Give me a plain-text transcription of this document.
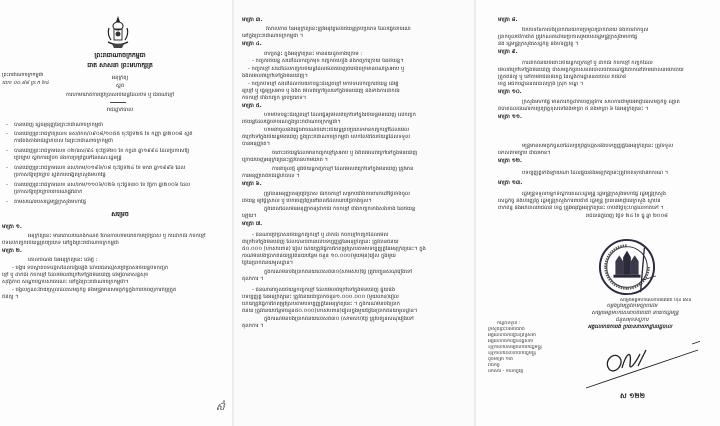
ព្រះរាជាណាចក្រកម្ពុជា
លេខ ០០.៨៨ ប្រ.ក ២៤
ព្រះរាជាណាចក្រកម្ពុជា
ជាតិ សាសនា ព្រះមហាក្សត្រ
អនុក្រឹត្យ
ស្តីពី
ការហាមឃាត់ការប្រើប្រាស់រថយន្តដែលបិទ ឬ ជ័រពណ៌ខ្មៅ
រាជរដ្ឋាភិបាល
- បានឃើញ រដ្ឋធម្មនុញ្ញនៃព្រះរាជាណាចក្រកម្ពុជា
- បានឃើញព្រះរាជក្រឹត្យលេខ នស/រកត/០៩០៨/១០៥៥ ចុះថ្ងៃទី២៥ ខែ កញ្ញា ឆ្នាំ២០០៨ ស្តីពី
ការតែងតាំងរាជរដ្ឋាភិបាល នៃព្រះរាជាណាចក្រកម្ពុជា
- បានឃើញព្រះរាជក្រមលេខ ០២/នស/៩៤ ចុះថ្ងៃទី២០ ខែ កក្កដា ឆ្នាំ១៩៩៤ ដែលប្រកាសឱ្យ
ប្រើច្បាប់ ស្តីពីការរៀបចំ និងការប្រព្រឹត្តទៅនៃគណៈរដ្ឋមន្ត្រី
- បានឃើញព្រះរាជក្រមលេខ នស/រកម/០១៩៦/០៨ ចុះថ្ងៃទី២៤ ខែ មករា ឆ្នាំ១៩៩៦ ដែល
ប្រកាសឱ្យប្រើច្បាប់ ស្តីពីការបង្កើតក្រសួងមហាផ្ទៃ
- បានឃើញព្រះរាជក្រមលេខ នស/រកម/១១០៦/០២៦ ចុះថ្ងៃទី៣០ ខែ វិច្ឆិកា ឆ្នាំ២០០៦ ដែល
ប្រកាសឱ្យប្រើច្បាប់ចរាចរណ៍ផ្លូវគោក
- តាមសំណើរបស់រដ្ឋមន្ត្រីក្រសួងមហាផ្ទៃ
សម្រេច
មាត្រា ១.
អនុក្រឹត្យនេះ មានគោលបំណងកំណត់ វិធានការហាមឃាត់ការប្រើប្រាស់ ឬ ការដាក់ជ័រ កំចកខ្មៅ
បិទលើកញ្ចក់រថយន្តគ្រប់ប្រភេទ នៅក្នុងព្រះរាជាណាចក្រកម្ពុជា
មាត្រា ២.
គោលបំណង នៃអនុក្រឹត្យនេះ ដើម្បី :
- បង្ការ ទប់ស្កាត់បទល្មើសដែលបង្កឡើង ដោយជនល្មើសប្រើប្រាស់រថយន្តបិទកញ្ចក់
ខ្មៅ ឬ ដាក់ជ័រ កំចកខ្មៅ ដែលមើលពីក្រៅទៅក្នុងមិនឃើញ ដើម្បីធានាសន្តិសុខ
សុវត្ថិភាព សណ្តាប់ធ្នាប់សាធារណៈ នៅក្នុងព្រះរាជាណាចក្រកម្ពុជា។
- បង្កលក្ខណៈងាយស្រួលដល់សមត្ថកិច្ច និងមន្ត្រីមានសមត្ថកិច្ចក្នុងការបំពេញការកិច្ចត្រួត
ពិនិត្យ ។
ស៊ំ
មាត្រា ៣.
វិសាលភាព នៃអនុក្រឹត្យនេះត្រូវអនុវត្តលើរថយន្តគ្រប់ប្រភេទ ដែលធ្វើចរាចរណ៍
នៅក្នុងព្រះរាជាណាចក្រកម្ពុជា ។
មាត្រា ៤.
ពាក្យគន្លឹះ ក្នុងអនុក្រឹត្យនេះ មានន័យដូចខាងក្រោម :
- កញ្ចក់រថយន្ត សំដៅដល់កញ្ចក់មុខ កញ្ចក់ចំហៀង និងកញ្ចក់ក្រោយ នៃរថយន្ត។
- កញ្ចក់ខ្មៅ សំដៅដល់កញ្ចក់រថយន្តដែលផលិតចេញពីរោងចក្រមានពណ៌ស្រអាប់ ឬ
ងងឹតមើលពីក្រៅទៅក្នុងមិនឃើញ។
- កញ្ចក់បិទខ្មៅ សំដៅដល់ការយកបន្ទះជ័រស្អិតខ្មៅ មកបិទលើកញ្ចក់រថយន្ត ដើម្បី
ឲ្យខ្មៅ ឬ ធ្វើឲ្យស្រអាប់ ឬ ងងឹត មើលពីក្រៅចូលទៅក្នុងមិនឃើញ និងទាំងការដាក់ជ័រ
កំចកខ្មៅ ជាំងកញ្ចក់ គ្រប់ប្រភេទ។
មាត្រា ៥.
ហាមបិទបន្ទះជ័រស្អិតខ្មៅ ដែលធ្វើឲ្យមើលពីក្រៅទៅក្នុងរថយន្តមិនឃើញ លើកញ្ចក់
រថយន្តដែលធ្វើចរាចរណ៍ក្នុងព្រះរាជាណាចក្រកម្ពុជា។
ហាមនាំចូលនិងធ្វើចរាចរណ៍ចំពោះរថយន្តគ្រប់ប្រភេទមានកញ្ចក់ខ្មៅដែលមើល
ពីក្រៅទៅក្នុងរថយន្តមិនឃើញ ក្នុងព្រះរាជាណាចក្រកម្ពុជា លើកលែងតែរថយន្តដែលទទួល
បានអនុញ្ញាត។
ចំពោះរថយន្តដែលមានកញ្ចក់ខ្មៅស្រអាប់ ឬ ងងឹតមើលពីក្រៅទៅក្នុងមិនឃើញ
ក្រោយចេញអនុក្រឹត្យនេះត្រូវបានហាមឃាត់ ។
ការនាំចូលថ្មី នូវរថយន្តកញ្ចក់ខ្មៅ ដែលមើលពីក្រៅទៅក្នុងមិនឃើញ ត្រូវមាន
ការអនុញ្ញាតពីរាជរដ្ឋាភិបាល ។
មាត្រា ៦.
ត្រូវបានអនុញ្ញាតឲ្យប្រើប្រាស់ ជ័រកំចកខ្មៅ សម្រាប់ជាំងការពារកំដៅថ្ងៃចាំងចូល
រថយន្ត ឲ្យថ្លៃស្រាល ឬ បើកចេញវិញនៅពេលដែលឈប់ថ្ងៃចាំងចូល។
ក្នុងពេលដែលមិនអនុញ្ញាតឲ្យដាក់ជ័រ កំចកខ្មៅ ជាំងកញ្ចក់ទាំងសងខាង នៃរថយន្ត
ឡើយ។
មាត្រា ៧.
- ជនណាប្រើប្រាស់រថយន្តកញ្ចក់ខ្មៅ ឬ ដាក់ជ័រ កំចកខ្មៅកញ្ចក់ដែលមើល
ពីក្រៅទៅក្នុងមិនឃើញ ដែលបានបំពានលើបទប្បញ្ញត្តិនៃអនុក្រឹត្យនេះ ត្រូវបានពិន័យ
៥០.០០០ (ហាសិបពាន់) រៀល ហើយត្រូវធ្វើការកែតម្រូវស្របតាមបទប្បញ្ញត្តិនៃអនុក្រឹត្យនេះ។ ក្នុង
ករណីមិនបង់ប្រាក់ពិន័យត្រូវពិន័យបន្ថែម ចំនួន ១០.០០០(មួយម៉ឺន)រៀល ក្នុងមួយ
ថ្ងៃនៃប្រាក់ពិន័យមូលដ្ឋាន។
ក្នុងករណីមិនបង់ប្រាក់ពិន័យលើសពី៣០(សាមសិប)ថ្ងៃ ត្រូវបញ្ជូនសំណុំរឿងទៅ
តុលាការ ។
- ជនណានាំចូលរថយន្តកញ្ចក់ខ្មៅ ដែលមើលពីក្រៅទៅក្នុងមិនឃើញ ផ្ទុយនឹង
បទប្បញ្ញត្តិ នៃអនុក្រឹត្យនេះ ត្រូវពិន័យជាប្រាក់ចំនួន១.០០០.០០០ (មួយលាន)រៀល
ហើយត្រូវធ្វើការកែតម្រូវស្របតាមបទប្បញ្ញត្តិនៃអនុក្រឹត្យនេះ ។ ក្នុងករណីមិនបង់ប្រាក់
ពិន័យ ត្រូវពិន័យបន្ថែមចំនួន៥០.០០០(ហាសិបពាន់)រៀលក្នុងមួយថ្ងៃនៃប្រាក់ពិន័យមូលដ្ឋាន។
ក្នុងករណីមិនបង់ប្រាក់ពិន័យលើសពី៣០ (សាមសិប)ថ្ងៃ ត្រូវបញ្ជូនសំណុំរឿងទៅ
តុលាការ ។
មាត្រា ៨.
បែបបទនៃការបង់ប្រាក់ពិន័យការប្រមូលប្រាក់ពិន័យ និងការដាក់ចូល
ប្រាក់ចូលថវិកាជាតិ ត្រូវកំណត់ដោយប្រកាសរួមរបស់រដ្ឋមន្ត្រីក្រសួងមហាផ្ទៃ
និង រដ្ឋមន្ត្រីក្រសួងសេដ្ឋកិច្ច និងហិរញ្ញវត្ថុ ។
មាត្រា ៩.
ការដាក់ពិន័យចំពោះរថយន្តកញ្ចក់ខ្មៅ ឬ ដាក់ជ័រ កំចកខ្មៅ កញ្ចក់ដែល
មើលពីក្រៅទៅក្នុងមិនឃើញ ជាសមត្ថកិច្ចរបស់នគរបាលចរាចរណ៍ផ្លូវគោកនៅតាមគោលនយោបាយ
ត្រួតពិនិត្យ ឬ នៅតាមរាជធានីខេត្ត នៃស្នងការដ្ឋាននគរបាល រាជធានី
ខេត្ត អធិការដ្ឋាននគរបាលក្រុង ស្រុក ខណ្ឌ ។
មាត្រា ១០.
ក្រសួងមហាផ្ទៃ មានភារកិច្ចដាក់ចេញនូវការ សហការជាមួយអាជ្ញាធរសមត្ថកិច្ច ល្បាត
ពិបាតដល់ដំណើរការប្រព្រឹត្តខុសទៅនឹងមាត្រា ៥ និងមាត្រា ៦ នៃអនុក្រឹត្យនេះ ។
មាត្រា ១១.
មន្ត្រីមានសមត្ថកិច្ចណាដែលប្រព្រឹត្តល្មើសនឹងបទប្បញ្ញត្តិនៃអនុក្រឹត្យនេះ ត្រូវទទួល
ទោសតាមច្បាប់ ជាធរមាន។
មាត្រា ១២.
បទប្បញ្ញត្តិទាំងឡាយណា ដែលផ្ទុយនឹងអនុក្រឹត្យនេះត្រូវចាត់ទុកជានិរាករណ៍ ។
មាត្រា ១៣.
រដ្ឋមន្ត្រីទទួលបន្ទុកទីស្តីការគណៈរដ្ឋមន្ត្រី រដ្ឋមន្ត្រីក្រសួងមហាផ្ទៃ រដ្ឋមន្ត្រីក្រសួង
សេដ្ឋកិច្ច និងហិរញ្ញវត្ថុ រដ្ឋមន្ត្រីក្រសួងការពារជាតិ រដ្ឋមន្ត្រី ប្រធានអាជ្ញាធរក្រសួង ស្ថាប័ន
ពាក់ព័ន្ធ និងអភិបាលរាជធានី ខេត្ត ត្រូវអនុវត្តអនុក្រឹត្យនេះ ចាប់ពីថ្ងៃចុះហត្ថលេខាតទៅ ។
រាជធានីភ្នំពេញ ថ្ងៃទី ២៤ ខែ ធ្នូ ឆ្នាំ ២០០៨
សម្តេចអគ្គមហាសេនាបតីតេជោ ហ៊ុន សែន
កន្លែងទទួល :
ក្រសួងព្រះបរមរាជវាំង
អគ្គលេខាធិការដ្ឋានព្រឹទ្ធសភា
អគ្គលេខាធិការដ្ឋានរដ្ឋសភា
ខុទ្ទកាល័យសម្តេចនាយករដ្ឋមន្ត្រី
ខុទ្ទកាល័យឧបនាយករដ្ឋមន្ត្រី
ដូចមាត្រា ១៣
រាជកិច្ច
ឯកសារ - កាលប្បវត្តិ
ចម្លងត្រឹមត្រូវតាមច្បាប់ដើម
សម្តេចអគ្គមហាសេនាបតីតេជោ នាយករដ្ឋមន្ត្រី
ជំនួសមុខទីស្តីការ
អគ្គលេខាធិការរង ប្រធាននាយកដ្ឋានរដ្ឋបាល
ស ១២២
